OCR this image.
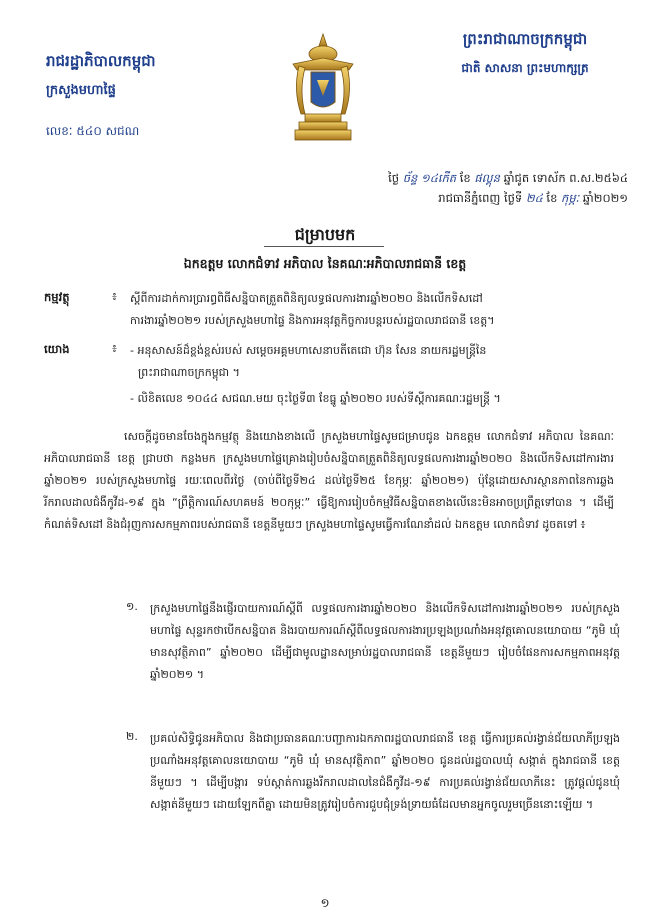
រាជរដ្ឋាភិបាលកម្ពុជា
ក្រសួងមហាផ្ទៃ
លេខៈ ៥៤០ សជណ
ព្រះរាជាណាចក្រកម្ពុជា
ជាតិ សាសនា ព្រះមហាក្សត្រ
ថ្ងៃ ច័ន្ទ ១៤កើត ខែ ផល្គុន ឆ្នាំជូត ទោស័ក ព.ស.២៥៦៤
រាជធានីភ្នំពេញ ថ្ងៃទី ២៤ ខែ កុម្ភៈ ឆ្នាំ២០២១
ជម្រាបមក
ឯកឧត្តម លោកជំទាវ អភិបាល នៃគណៈអភិបាលរាជធានី ខេត្ត
កម្មវត្ថុ	៖ ស្តីពីការដាក់ការប្រារព្ធពិធីសន្និបាតត្រួតពិនិត្យលទ្ធផលការងារឆ្នាំ២០២០ និងលើកទិសដៅ
ការងារឆ្នាំ២០២១ របស់ក្រសួងមហាផ្ទៃ និងការអនុវត្តកិច្ចការបន្តរបស់រដ្ឋបាលរាជធានី ខេត្ត។
យោង	៖ - អនុសាសន៍ដ៏ខ្ពង់ខ្ពស់របស់ សម្តេចអគ្គមហាសេនាបតីតេជោ ហ៊ុន សែន នាយករដ្ឋមន្ត្រីនៃ
ព្រះរាជាណាចក្រកម្ពុជា ។
- លិខិតលេខ ១០៤៤ សជណ.មយ ចុះថ្ងៃទី៣ ខែធ្នូ ឆ្នាំ២០២០ របស់ទីស្តីការគណៈរដ្ឋមន្ត្រី ។
សេចក្តីដូចមានចែងក្នុងកម្មវត្ថុ និងយោងខាងលើ ក្រសួងមហាផ្ទៃសូមជម្រាបជូន ឯកឧត្តម លោកជំទាវ អភិបាល នៃគណៈអភិបាលរាជធានី ខេត្ត ជ្រាបថា កន្លងមក ក្រសួងមហាផ្ទៃគ្រោងរៀបចំសន្និបាតត្រួតពិនិត្យលទ្ធផលការងារឆ្នាំ២០២០ និងលើកទិសដៅការងារឆ្នាំ២០២១ របស់ក្រសួងមហាផ្ទៃ រយៈពេលពីរថ្ងៃ (ចាប់ពីថ្ងៃទី២៤ ដល់ថ្ងៃទី២៥ ខែកុម្ភៈ ឆ្នាំ២០២១) ប៉ុន្តែដោយសារស្ថានភាពនៃការឆ្លងរីករាលដាលជំងឺកូវីដ-១៩ ក្នុង “ព្រឹត្តិការណ៍សហគមន៍ ២០កុម្ភៈ” ធ្វើឱ្យការរៀបចំកម្មវិធីសន្និបាតខាងលើនេះមិនអាចប្រព្រឹត្តទៅបាន ។ ដើម្បីកំណត់ទិសដៅ និងជំរុញការសកម្មភាពរបស់រាជធានី ខេត្តនីមួយៗ ក្រសួងមហាផ្ទៃសូមធ្វើការណែនាំដល់ ឯកឧត្តម លោកជំទាវ ដូចតទៅ ៖
១. ក្រសួងមហាផ្ទៃនឹងផ្ញើរបាយការណ៍ស្តីពី លទ្ធផលការងារឆ្នាំ២០២០ និងលើកទិសដៅការងារឆ្នាំ២០២១ របស់ក្រសួងមហាផ្ទៃ សុន្ទរកថាបើកសន្និបាត និងរបាយការណ៍ស្តីពីលទ្ធផលការងារប្រឡងប្រណាំងអនុវត្តគោលនយោបាយ “ភូមិ ឃុំ មានសុវត្ថិភាព” ឆ្នាំ២០២០ ដើម្បីជាមូលដ្ឋានសម្រាប់រដ្ឋបាលរាជធានី ខេត្តនីមួយៗ រៀបចំផែនការសកម្មភាពអនុវត្តឆ្នាំ២០២១ ។
២. ប្រគល់សិទ្ធិជូនអភិបាល និងជាប្រធានគណៈបញ្ជាការឯកភាពរដ្ឋបាលរាជធានី ខេត្ត ធ្វើការប្រគល់រង្វាន់ជ័យលាភីប្រឡងប្រណាំងអនុវត្តគោលនយោបាយ “ភូមិ ឃុំ មានសុវត្ថិភាព” ឆ្នាំ២០២០ ជូនដល់រដ្ឋបាលឃុំ សង្កាត់ ក្នុងរាជធានី ខេត្តនីមួយៗ ។ ដើម្បីបង្ការ ទប់ស្កាត់ការឆ្លងរីករាលដាលនៃជំងឺកូវីដ-១៩ ការប្រគល់រង្វាន់ជ័យលាភីនេះ ត្រូវផ្តល់ជូនឃុំ សង្កាត់នីមួយៗ ដោយឡែកពីគ្នា ដោយមិនត្រូវរៀបចំការជួបជុំទ្រង់ទ្រាយធំដែលមានអ្នកចូលរួមច្រើននោះឡើយ ។
១
